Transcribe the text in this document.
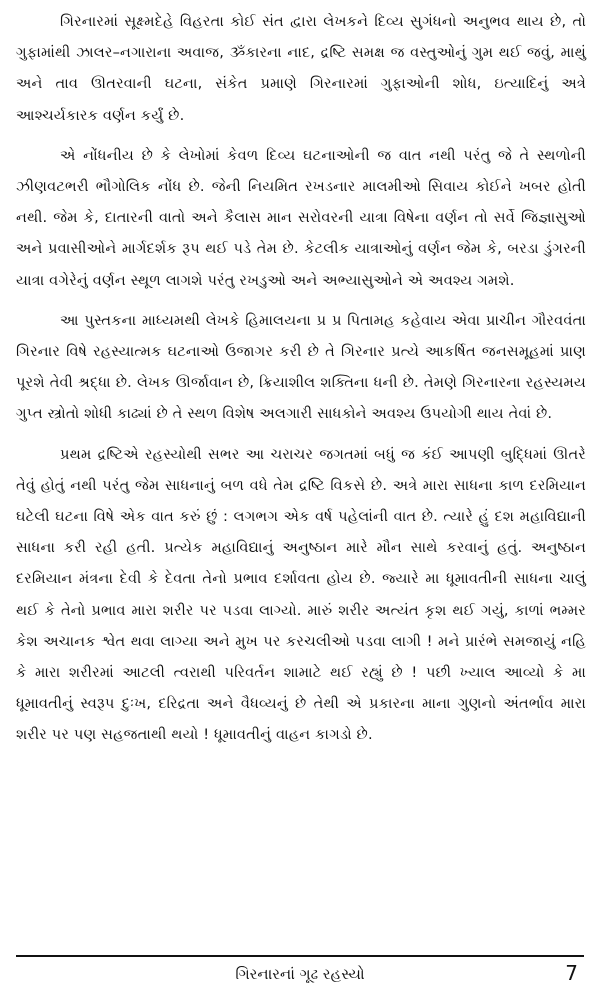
ગિરનારમાં સૂક્ષ્મદેહે વિહરતા કોઈ સંત દ્વારા લેખકને દિવ્ય સુગંધનો અનુભવ થાય છે, તો ગુફામાંથી ઝાલર–નગારાના અવાજ, ૐકારના નાદ, દ્રષ્ટિ સમક્ષ જ વસ્તુઓનું ગુમ થઈ જવું, માથું અને તાવ ઊતરવાની ઘટના, સંકેત પ્રમાણે ગિરનારમાં ગુફાઓની શોધ, ઇત્યાદિનું અત્રે આશ્ચર્યકારક વર્ણન કર્યું છે.

એ નોંધનીય છે કે લેખોમાં કેવળ દિવ્ય ઘટનાઓની જ વાત નથી પરંતુ જે તે સ્થળોની ઝીણવટભરી ભૌગોલિક નોંધ છે. જેની નિયમિત રખડનાર માલમીઓ સિવાય કોઈને ખબર હોતી નથી. જેમ કે, દાતારની વાતો અને કૈલાસ માન સરોવરની યાત્રા વિષેના વર્ણન તો સર્વે જિજ્ઞાસુઓ અને પ્રવાસીઓને માર્ગદર્શક રૂપ થઈ પડે તેમ છે. કેટલીક યાત્રાઓનું વર્ણન જેમ કે, બરડા ડુંગરની યાત્રા વગેરેનું વર્ણન સ્થૂળ લાગશે પરંતુ રખડુઓ અને અભ્યાસુઓને એ અવશ્ય ગમશે.

આ પુસ્તકના માધ્યમથી લેખકે હિમાલયના પ્ર પ્ર પિતામહ કહેવાય એવા પ્રાચીન ગૌરવવંતા ગિરનાર વિષે રહસ્યાત્મક ઘટનાઓ ઉજાગર કરી છે તે ગિરનાર પ્રત્યે આકર્ષિત જનસમૂહમાં પ્રાણ પૂરશે તેવી શ્રદ્ધા છે. લેખક ઊર્જાવાન છે, ક્રિયાશીલ શક્તિના ધની છે. તેમણે ગિરનારના રહસ્યમય ગુપ્ત સ્ત્રોતો શોધી કાઢ્યાં છે તે સ્થળ વિશેષ અલગારી સાધકોને અવશ્ય ઉપયોગી થાય તેવાં છે.

પ્રથમ દ્રષ્ટિએ રહસ્યોથી સભર આ ચરાચર જગતમાં બધું જ કંઈ આપણી બુદ્ધિમાં ઊતરે તેવું હોતું નથી પરંતુ જેમ સાધનાનું બળ વધે તેમ દ્રષ્ટિ વિકસે છે. અત્રે મારા સાધના કાળ દરમિયાન ઘટેલી ઘટના વિષે એક વાત કરું છું : લગભગ એક વર્ષ પહેલાંની વાત છે. ત્યારે હું દશ મહાવિદ્યાની સાધના કરી રહી હતી. પ્રત્યેક મહાવિદ્યાનું અનુષ્ઠાન મારે મૌન સાથે કરવાનું હતું. અનુષ્ઠાન દરમિયાન મંત્રના દેવી કે દેવતા તેનો પ્રભાવ દર્શાવતા હોય છે. જ્યારે મા ધૂમાવતીની સાધના ચાલું થઈ કે તેનો પ્રભાવ મારા શરીર પર પડવા લાગ્યો. મારું શરીર અત્યંત કૃશ થઈ ગયું, કાળાં ભમ્મર કેશ અચાનક શ્વેત થવા લાગ્યા અને મુખ પર કરચલીઓ પડવા લાગી ! મને પ્રારંભે સમજાયું નહિ કે મારા શરીરમાં આટલી ત્વરાથી પરિવર્તન શામાટે થઈ રહ્યું છે ! પછી ખ્યાલ આવ્યો કે મા ધૂમાવતીનું સ્વરૂપ દુઃખ, દરિદ્રતા અને વૈધવ્યનું છે તેથી એ પ્રકારના માના ગુણનો અંતર્ભાવ મારા શરીર પર પણ સહજતાથી થયો ! ધૂમાવતીનું વાહન કાગડો છે.

ગિરનારનાં ગૂઢ રહસ્યો	7
